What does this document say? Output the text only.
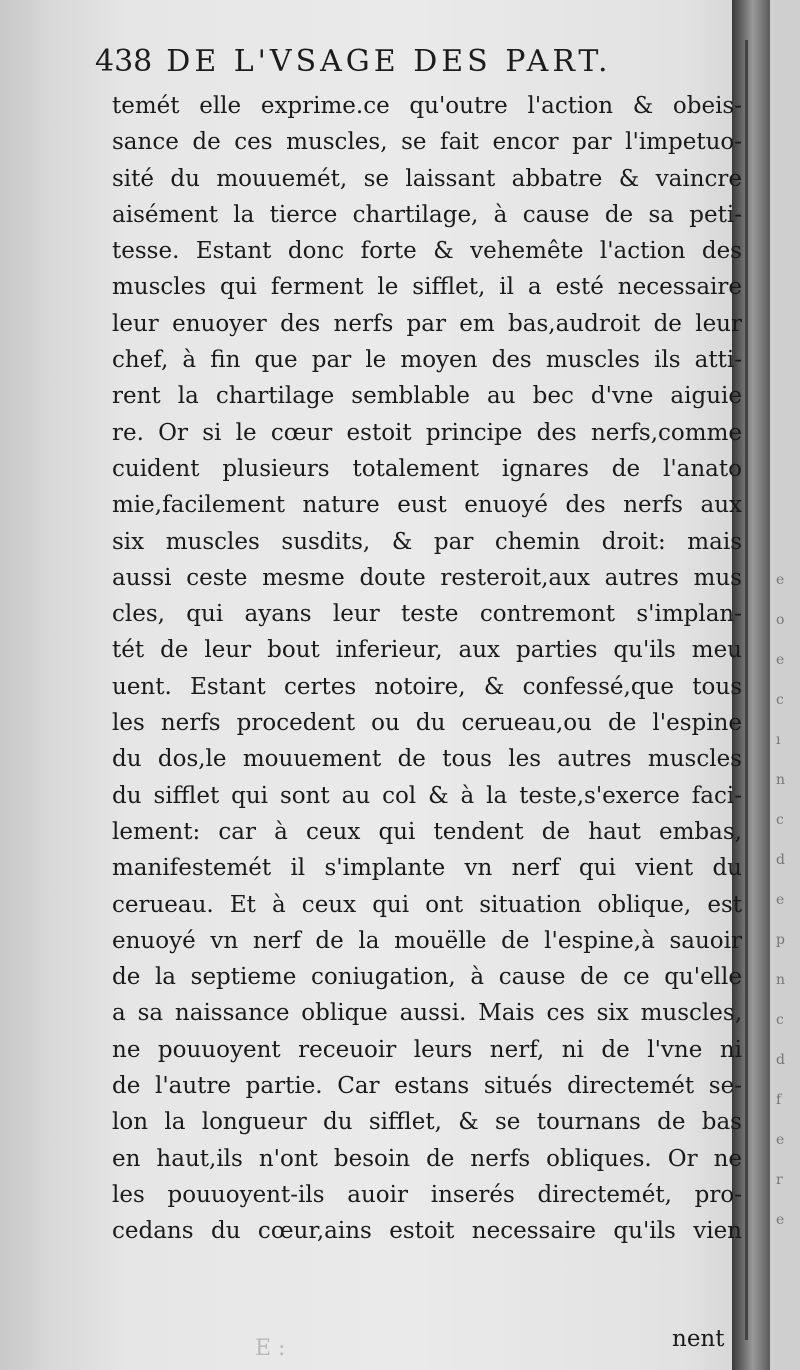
e
o
e
c
ı
n
c
d
e
p
n
c
d
f
e
r
e
438 DE L'VSAGE DES PART.
temét elle exprime.ce qu'outre l'action & obeis-
sance de ces muscles, se fait encor par l'impetuo-
sité du mouuemét, se laissant abbatre & vaincre
aisément la tierce chartilage, à cause de sa peti-
tesse. Estant donc forte & vehemête l'action des
muscles qui ferment le sifflet, il a esté necessaire
leur enuoyer des nerfs par em bas,audroit de leur
chef, à fin que par le moyen des muscles ils atti-
rent la chartilage semblable au bec d'vne aiguie
re. Or si le cœur estoit principe des nerfs,comme
cuident plusieurs totalement ignares de l'anato
mie,facilement nature eust enuoyé des nerfs aux
six muscles susdits, & par chemin droit: mais
aussi ceste mesme doute resteroit,aux autres mus
cles, qui ayans leur teste contremont s'implan-
tét de leur bout inferieur, aux parties qu'ils meu
uent. Estant certes notoire, & confessé,que tous
les nerfs procedent ou du cerueau,ou de l'espine
du dos,le mouuement de tous les autres muscles
du sifflet qui sont au col & à la teste,s'exerce faci-
lement: car à ceux qui tendent de haut embas,
manifestemét il s'implante vn nerf qui vient du
cerueau. Et à ceux qui ont situation oblique, est
enuoyé vn nerf de la mouëlle de l'espine,à sauoir
de la septieme coniugation, à cause de ce qu'elle
a sa naissance oblique aussi. Mais ces six muscles,
ne pouuoyent receuoir leurs nerf, ni de l'vne ni
de l'autre partie. Car estans situés directemét se-
lon la longueur du sifflet, & se tournans de bas
en haut,ils n'ont besoin de nerfs obliques. Or ne
les pouuoyent-ils auoir inserés directemét, pro-
cedans du cœur,ains estoit necessaire qu'ils vien
nent
E :
